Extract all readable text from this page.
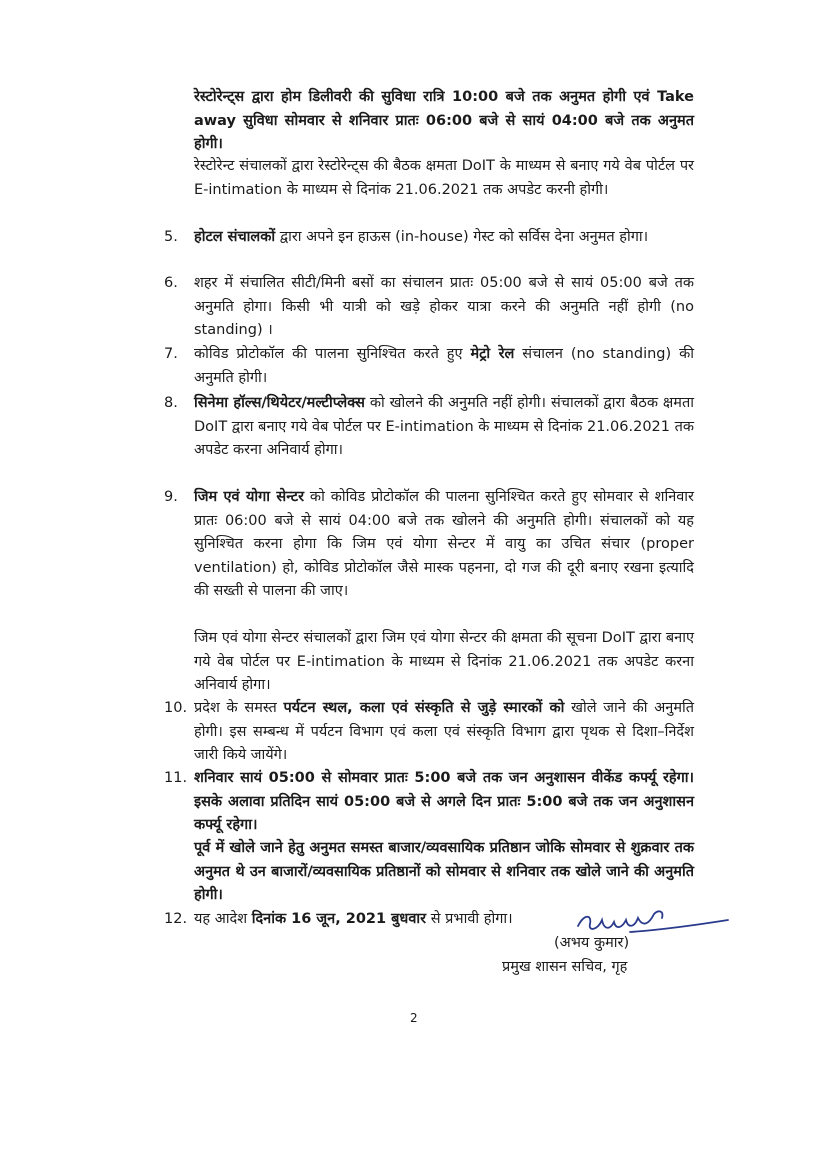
रेस्टोरेन्ट्स द्वारा होम डिलीवरी की सुविधा रात्रि 10:00 बजे तक अनुमत होगी एवं Take away सुविधा सोमवार से शनिवार प्रातः 06:00 बजे से सायं 04:00 बजे तक अनुमत होगी।
रेस्टोरेन्ट संचालकों द्वारा रेस्टोरेन्ट्स की बैठक क्षमता DoIT के माध्यम से बनाए गये वेब पोर्टल पर E-intimation के माध्यम से दिनांक 21.06.2021 तक अपडेट करनी होगी।
5.	होटल संचालकों द्वारा अपने इन हाऊस (in-house) गेस्ट को सर्विस देना अनुमत होगा।
6.	शहर में संचालित सीटी/मिनी बसों का संचालन प्रातः 05:00 बजे से सायं 05:00 बजे तक अनुमति होगा। किसी भी यात्री को खड़े होकर यात्रा करने की अनुमति नहीं होगी (no standing) ।
7.	कोविड प्रोटोकॉल की पालना सुनिश्चित करते हुए मेट्रो रेल संचालन (no standing) की अनुमति होगी।
8.	सिनेमा हॉल्स/थियेटर/मल्टीप्लेक्स को खोलने की अनुमति नहीं होगी। संचालकों द्वारा बैठक क्षमता DoIT द्वारा बनाए गये वेब पोर्टल पर E-intimation के माध्यम से दिनांक 21.06.2021 तक अपडेट करना अनिवार्य होगा।
9.	जिम एवं योगा सेन्टर को कोविड प्रोटोकॉल की पालना सुनिश्चित करते हुए सोमवार से शनिवार प्रातः 06:00 बजे से सायं 04:00 बजे तक खोलने की अनुमति होगी। संचालकों को यह सुनिश्चित करना होगा कि जिम एवं योगा सेन्टर में वायु का उचित संचार (proper ventilation) हो, कोविड प्रोटोकॉल जैसे मास्क पहनना, दो गज की दूरी बनाए रखना इत्यादि की सख्ती से पालना की जाए।
जिम एवं योगा सेन्टर संचालकों द्वारा जिम एवं योगा सेन्टर की क्षमता की सूचना DoIT द्वारा बनाए गये वेब पोर्टल पर E-intimation के माध्यम से दिनांक 21.06.2021 तक अपडेट करना अनिवार्य होगा।
10. प्रदेश के समस्त पर्यटन स्थल, कला एवं संस्कृति से जुड़े स्मारकों को खोले जाने की अनुमति होगी। इस सम्बन्ध में पर्यटन विभाग एवं कला एवं संस्कृति विभाग द्वारा पृथक से दिशा–निर्देश जारी किये जायेंगे।
11. शनिवार सायं 05:00 से सोमवार प्रातः 5:00 बजे तक जन अनुशासन वीकेंड कर्फ्यू रहेगा। इसके अलावा प्रतिदिन सायं 05:00 बजे से अगले दिन प्रातः 5:00 बजे तक जन अनुशासन कर्फ्यू रहेगा।
पूर्व में खोले जाने हेतु अनुमत समस्त बाजार/व्यवसायिक प्रतिष्ठान जोकि सोमवार से शुक्रवार तक अनुमत थे उन बाजारों/व्यवसायिक प्रतिष्ठानों को सोमवार से शनिवार तक खोले जाने की अनुमति होगी।
12. यह आदेश दिनांक 16 जून, 2021 बुधवार से प्रभावी होगा।
(अभय कुमार)
प्रमुख शासन सचिव, गृह
2
